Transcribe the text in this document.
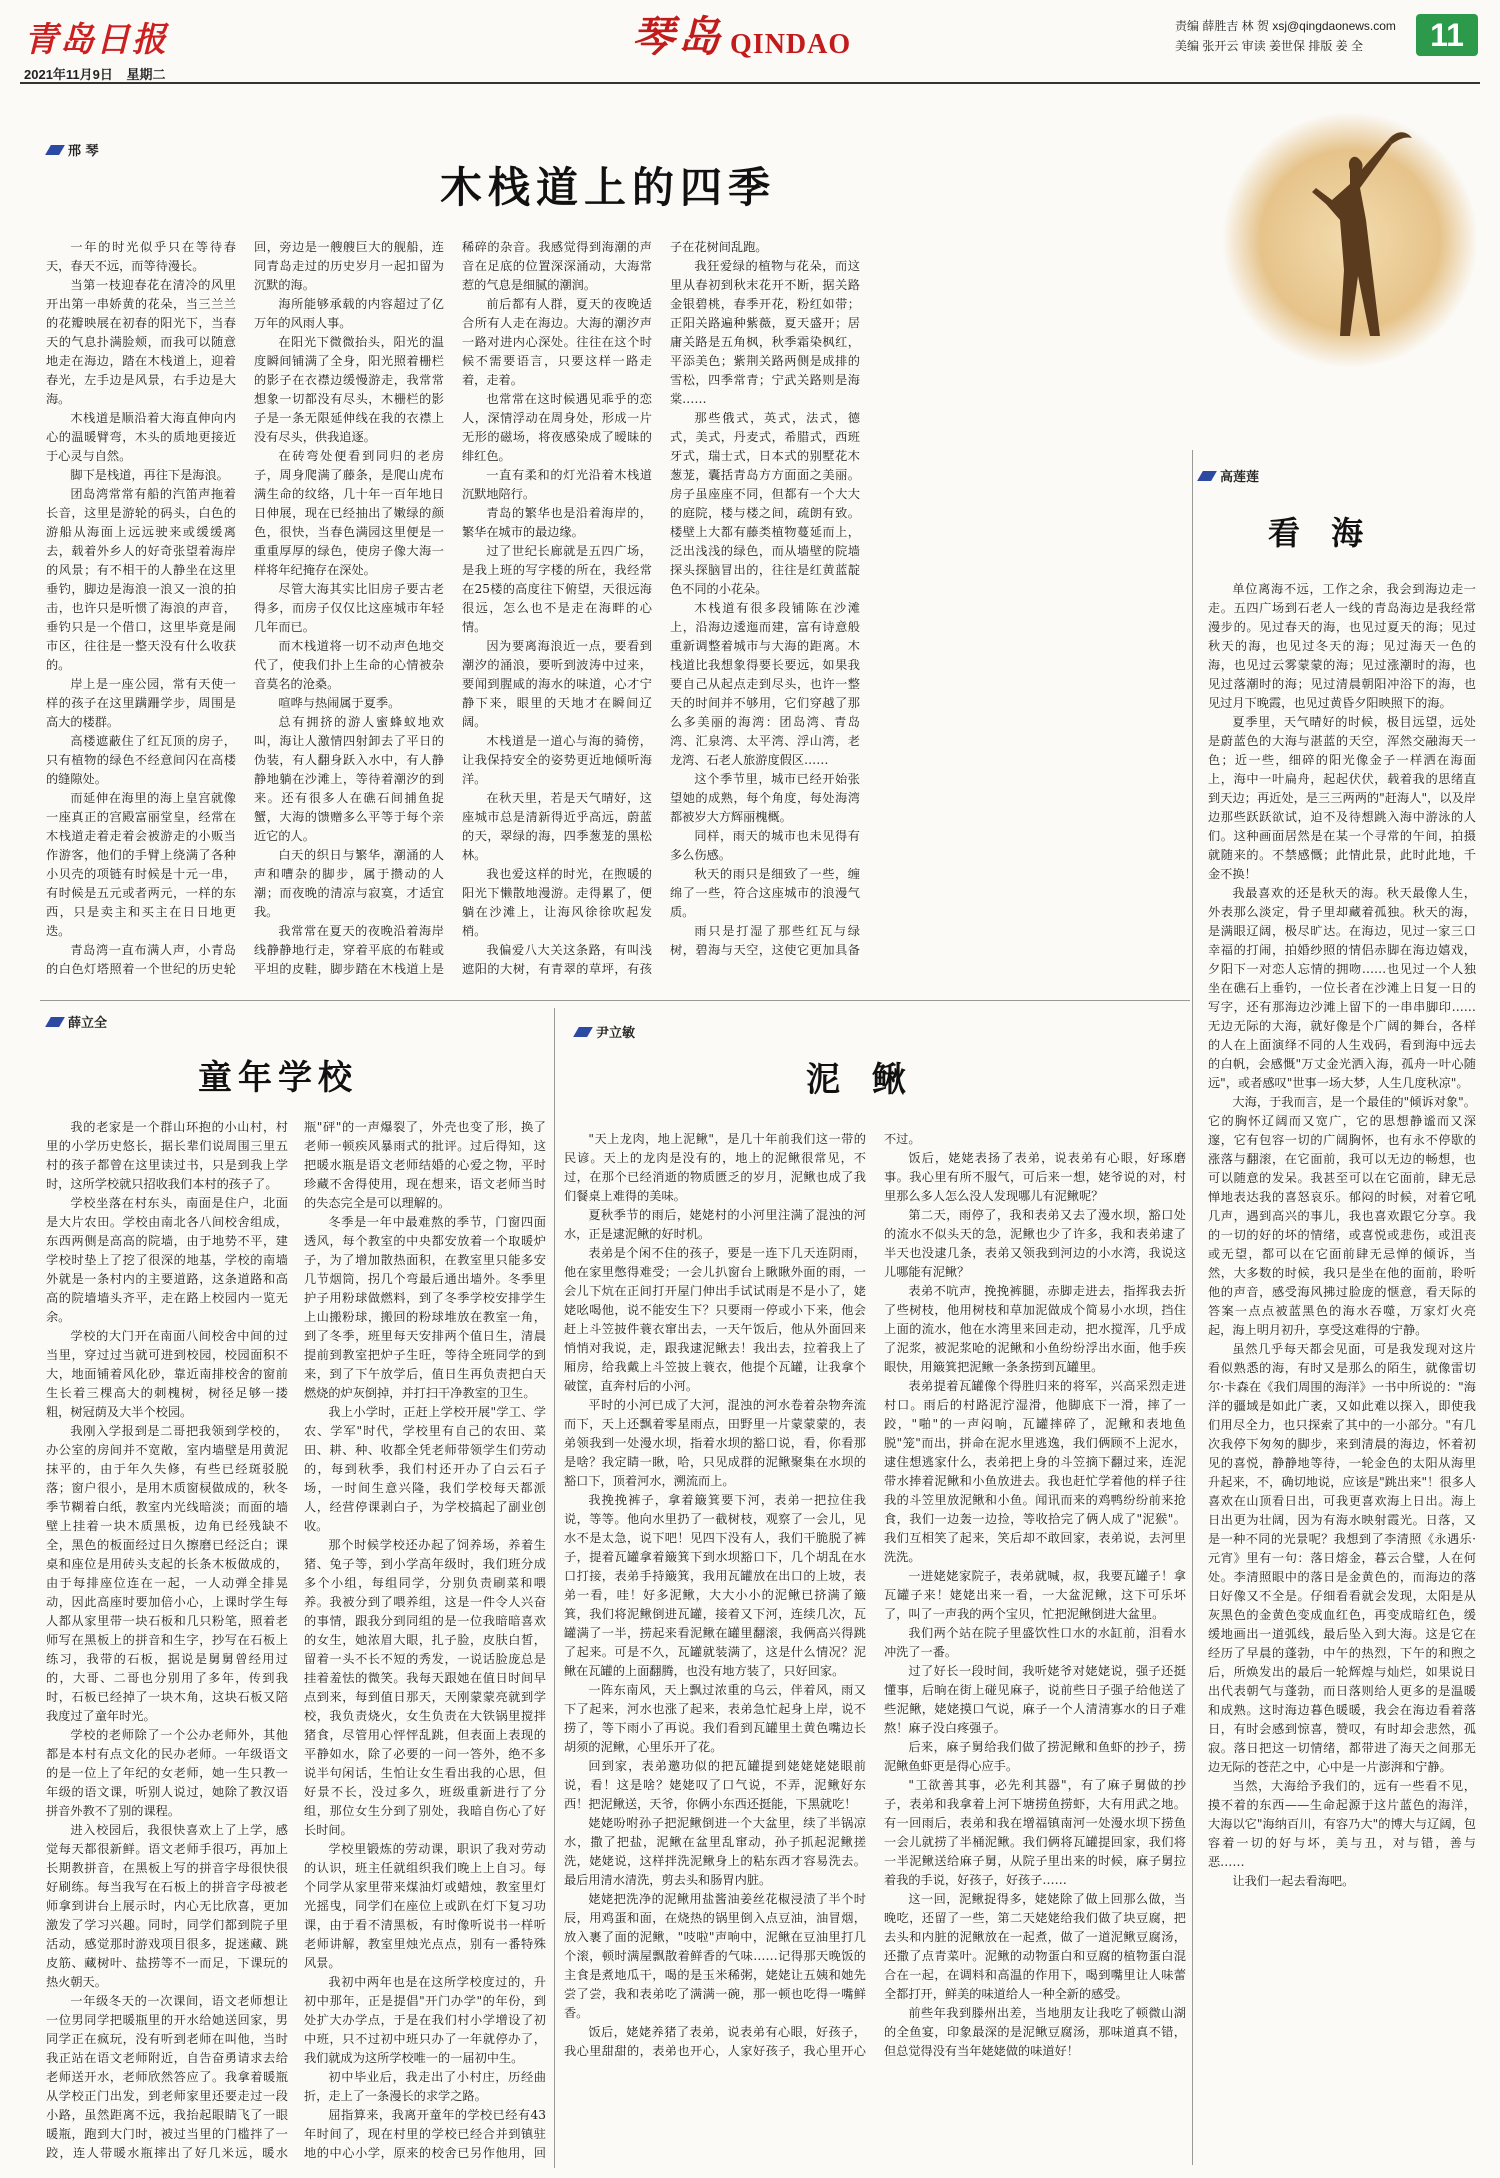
青岛日报	琴岛 QINDAO
责编 薛胜吉 林 贺 xsj@qingdaonews.com
美编 张开云 审读 姜世保 排版 姜 全	11
2021年11月9日 星期二
邢 琴
木栈道上的四季

一年的时光似乎只在等待春天，春天不远，而等待漫长。

当第一枝迎春花在清冷的风里开出第一串娇黄的花朵，当三兰兰的花瓣映展在初春的阳光下，当春天的气息扑满脸颊，而我可以随意地走在海边，踏在木栈道上，迎着春光，左手边是风景，右手边是大海。

木栈道是顺沿着大海直伸向内心的温暖臂弯，木头的质地更接近于心灵与自然。

脚下是栈道，再往下是海浪。

团岛湾常常有船的汽笛声拖着长音，这里是游轮的码头，白色的游船从海面上远远驶来或缓缓离去，载着外乡人的好奇张望着海岸的风景；有不相干的人静坐在这里垂钓，脚边是海浪一浪又一浪的拍击，也许只是听惯了海浪的声音，垂钓只是一个借口，这里毕竟是闹市区，往往是一整天没有什么收获的。

岸上是一座公园，常有天使一样的孩子在这里蹒跚学步，周围是高大的楼群。

高楼遮蔽住了红瓦顶的房子，只有植物的绿色不经意间闪在高楼的缝隙处。

而延伸在海里的海上皇宫就像一座真正的宫殿富丽堂皇，经常在木栈道走着走着会被游走的小贩当作游客，他们的手臂上绕满了各种小贝壳的项链有时候是十元一串，有时候是五元或者两元，一样的东西，只是卖主和买主在日日地更迭。

青岛湾一直布满人声，小青岛的白色灯塔照着一个世纪的历史轮回，旁边是一艘艘巨大的舰船，连同青岛走过的历史岁月一起扣留为沉默的海。

海所能够承载的内容超过了亿万年的风雨人事。

在阳光下微微抬头，阳光的温度瞬间铺满了全身，阳光照着栅栏的影子在衣襟边缓慢游走，我常常想象一切都没有尽头，木栅栏的影子是一条无限延伸线在我的衣襟上没有尽头，供我追逐。

在砖弯处便看到同归的老房子，周身爬满了藤条，是爬山虎布满生命的纹络，几十年一百年地日日伸展，现在已经抽出了嫩绿的颜色，很快，当春色满园这里便是一重重厚厚的绿色，使房子像大海一样将年纪掩存在深处。

尽管大海其实比旧房子要古老得多，而房子仅仅比这座城市年轻几年而已。

而木栈道将一切不动声色地交代了，使我们扑上生命的心情被杂音莫名的沧桑。

喧哗与热闹属于夏季。

总有拥挤的游人蜜蜂蚁地欢叫，海让人激情四射卸去了平日的伪装，有人翻身跃入水中，有人静静地躺在沙滩上，等待着潮汐的到来。还有很多人在礁石间捕鱼捉蟹，大海的馈赠多么平等于每个亲近它的人。

白天的织日与繁华，潮涌的人声和嘈杂的脚步，属于攒动的人潮；而夜晚的清凉与寂寞，才适宜我。

我常常在夏天的夜晚沿着海岸线静静地行走，穿着平底的布鞋或平坦的皮鞋，脚步踏在木栈道上是稀碎的杂音。我感觉得到海潮的声音在足底的位置深深涌动，大海常惹的气息是细腻的潮润。

前后都有人群，夏天的夜晚适合所有人走在海边。大海的潮汐声一路对进内心深处。往往在这个时候不需要语言，只要这样一路走着，走着。

也常常在这时候遇见乖乎的恋人，深情浮动在周身处，形成一片无形的磁场，将夜感染成了暧昧的绯红色。

一直有柔和的灯光沿着木栈道沉默地陪行。

青岛的繁华也是沿着海岸的，繁华在城市的最边缘。

过了世纪长廊就是五四广场，是我上班的写字楼的所在，我经常在25楼的高度往下俯望，天很远海很远，怎么也不是走在海畔的心情。

因为要离海浪近一点，要看到潮汐的涌浪，要听到波涛中过来，要闻到腥咸的海水的味道，心才宁静下来，眼里的天地才在瞬间辽阔。

木栈道是一道心与海的骑傍，让我保持安全的姿势更近地倾听海洋。

在秋天里，若是天气晴好，这座城市总是清新得近乎高远，蔚蓝的天，翠绿的海，四季葱茏的黑松林。

我也爱这样的时光，在煦暖的阳光下懒散地漫游。走得累了，便躺在沙滩上，让海风徐徐吹起发梢。

我偏爱八大关这条路，有叫浅遮阳的大树，有青翠的草坪，有孩子在花树间乱跑。

我狂爱绿的植物与花朵，而这里从春初到秋末花开不断，据关路金银碧桃，春季开花，粉红如带；正阳关路遍种紫薇，夏天盛开；居庸关路是五角枫，秋季霜染枫红，平添美色；紫荆关路两侧是成排的雪松，四季常青；宁武关路则是海棠……

那些俄式，英式，法式，德式，美式，丹麦式，希腊式，西班牙式，瑞士式，日本式的别墅花木葱茏，囊括青岛方方面面之美丽。房子虽座座不同，但都有一个大大的庭院，楼与楼之间，疏朗有致。楼壁上大都有藤类植物蔓延而上，泛出浅浅的绿色，而从墙壁的院墙探头探脑冒出的，往往是红黄蓝靛色不同的小花朵。

木栈道有很多段铺陈在沙滩上，沿海边逶迤而建，富有诗意般重新调整着城市与大海的距离。木栈道比我想象得要长要远，如果我要自己从起点走到尽头，也许一整天的时间并不够用，它们穿越了那么多美丽的海湾：团岛湾、青岛湾、汇泉湾、太平湾、浮山湾，老龙湾、石老人旅游度假区……

这个季节里，城市已经开始张望她的成熟，每个角度，每处海湾都被岁大方辉丽槐概。

同样，雨天的城市也未见得有多么伤感。

秋天的雨只是细致了一些，缠绵了一些，符合这座城市的浪漫气质。

雨只是打湿了那些红瓦与绿树，碧海与天空，这使它更加具备

高莲莲
看 海

单位离海不远，工作之余，我会到海边走一走。五四广场到石老人一线的青岛海边是我经常漫步的。见过春天的海，也见过夏天的海；见过秋天的海，也见过冬天的海；见过海天一色的海，也见过云雾蒙蒙的海；见过涨潮时的海，也见过落潮时的海；见过清晨朝阳冲浴下的海，也见过月下晚霞，也见过黄昏夕阳映照下的海。

夏季里，天气晴好的时候，极目远望，远处是蔚蓝色的大海与湛蓝的天空，浑然交融海天一色；近一些，细碎的阳光像金子一样洒在海面上，海中一叶扁舟，起起伏伏，载着我的思绪直到天边；再近处，是三三两两的"赶海人"，以及岸边那些跃跃欲试，迫不及待想跳入海中游泳的人们。这种画面居然是在某一个寻常的午间，拍摄就随来的。不禁感慨；此情此景，此时此地，千金不换！

我最喜欢的还是秋天的海。秋天最像人生，外表那么淡定，骨子里却藏着孤独。秋天的海，是满眼辽阔，极尽旷达。在海边，见过一家三口幸福的打闹，拍婚纱照的情侣赤脚在海边嬉戏，夕阳下一对恋人忘情的拥吻……也见过一个人独坐在礁石上垂钓，一位长者在沙滩上日复一日的写字，还有那海边沙滩上留下的一串串脚印……无边无际的大海，就好像是个广阔的舞台，各样的人在上面演绎不同的人生戏码，看到海中远去的白帆，会感慨"万丈金光洒入海，孤舟一叶心随远"，或者感叹"世事一场大梦，人生几度秋凉"。

大海，于我而言，是一个最佳的"倾诉对象"。它的胸怀辽阔而又宽广，它的思想静谧而又深邃，它有包容一切的广阔胸怀，也有永不停歇的涨落与翻滚，在它面前，我可以无边的畅想，也可以随意的发呆。我甚至可以在它面前，肆无忌惮地表达我的喜怒哀乐。郁闷的时候，对着它吼几声，遇到高兴的事儿，我也喜欢跟它分享。我的一切的好的坏的情绪，或喜悦或悲伤，或沮丧或无望，都可以在它面前肆无忌惮的倾诉，当然，大多数的时候，我只是坐在他的面前，聆听他的声音，感受海风拂过脸庞的惬意，看天际的答案一点点被蓝黑色的海水吞噬，万家灯火亮起，海上明月初升，享受这难得的宁静。

虽然几乎每天都会见面，可是我发现对这片看似熟悉的海，有时又是那么的陌生，就像雷切尔·卡森在《我们周围的海洋》一书中所说的："海洋的疆域是如此广袤，又如此难以探入，即使我们用尽全力，也只探索了其中的一小部分。"有几次我停下匆匆的脚步，来到清晨的海边，怀着初见的喜悦，静静地等待，一轮金色的太阳从海里升起来，不，确切地说，应该是"跳出来"！很多人喜欢在山顶看日出，可我更喜欢海上日出。海上日出更为壮阔，因为有海水映射霞光。日落，又是一种不同的光景呢？我想到了李清照《永遇乐·元宵》里有一句：落日熔金，暮云合璧，人在何处。李清照眼中的落日是金黄色的，而海边的落日好像又不全是。仔细看看就会发现，太阳是从灰黑色的金黄色变成血红色，再变成暗红色，缓缓地画出一道弧线，最后坠入到大海。这是它在经历了早晨的蓬勃，中午的热烈，下午的和煦之后，所焕发出的最后一轮辉煌与灿烂，如果说日出代表朝气与蓬勃，而日落则给人更多的是温暖和成熟。这时海边暮色暖暖，我会在海边看着落日，有时会感到惊喜，赞叹，有时却会悲然，孤寂。落日把这一切情绪，都带进了海天之间那无边无际的苍茫之中，心中是一片澎湃和宁静。

当然，大海给予我们的，远有一些看不见，摸不着的东西——生命起源于这片蓝色的海洋，大海以它"海纳百川，有容乃大"的博大与辽阔，包容着一切的好与坏，美与丑，对与错，善与恶……

让我们一起去看海吧。

薛立全
童年学校

我的老家是一个群山环抱的小山村，村里的小学历史悠长，据长辈们说周围三里五村的孩子都曾在这里读过书，只是到我上学时，这所学校就只招收我们本村的孩子了。

学校坐落在村东头，南面是住户，北面是大片农田。学校由南北各八间校舍组成，东西两侧是高高的院墙，由于地势不平，建学校时垫上了挖了很深的地基，学校的南墙外就是一条村内的主要道路，这条道路和高高的院墙墙头齐平，走在路上校园内一览无余。

学校的大门开在南面八间校舍中间的过当里，穿过过当就可进到校园，校园面积不大，地面铺着风化砂，靠近南排校舍的窗前生长着三棵高大的刺槐树，树径足够一搂粗，树冠荫及大半个校园。

我刚入学报到是二哥把我领到学校的，办公室的房间并不宽敞，室内墙壁是用黄泥抹平的，由于年久失修，有些已经斑驳脱落；窗户很小，是用木质窗棂做成的，秋冬季节糊着白纸，教室内光线暗淡；而面的墙壁上挂着一块木质黑板，边角已经残缺不全，黑色的板面经过日久擦磨已经泛白；课桌和座位是用砖头支起的长条木板做成的，由于每排座位连在一起，一人动弹全排晃动，因此高座时要加倍小心，上课时学生每人都从家里带一块石板和几只粉笔，照着老师写在黑板上的拼音和生字，抄写在石板上练习，我带的石板，据说是舅舅曾经用过的，大哥、二哥也分别用了多年，传到我时，石板已经掉了一块木角，这块石板又陪我度过了童年时光。

学校的老师除了一个公办老师外，其他都是本村有点文化的民办老师。一年级语文的是一位上了年纪的女老师，她一生只教一年级的语文课，听别人说过，她除了教汉语拼音外教不了别的课程。

进入校园后，我很快喜欢上了上学，感觉每天都很新鲜。语文老师手很巧，再加上长期教拼音，在黑板上写的拼音字母很快很好刷练。每当我写在石板上的拼音字母被老师拿到讲台上展示时，内心无比欣喜，更加激发了学习兴趣。同时，同学们都到院子里活动，感觉那时游戏项目很多，捉迷藏、跳皮筋、藏树叶、盐捞等不一而足，下课玩的热火朝天。

一年级冬天的一次课间，语文老师想让一位男同学把暖瓶里的开水给她送回家，男同学正在疯玩，没有听到老师在叫他，当时我正站在语文老师附近，自告奋勇请求去给老师送开水，老师欣然答应了。我拿着暖瓶从学校正门出发，到老师家里还要走过一段小路，虽然距离不远，我抬起眼睛飞了一眼暖瓶，跑到大门时，被过当里的门槛拌了一跤，连人带暖水瓶摔出了好几米远，暖水瓶"砰"的一声爆裂了，外壳也变了形，换了老师一顿疾风暴雨式的批评。过后得知，这把暖水瓶是语文老师结婚的心爱之物，平时珍藏不舍得使用，现在想来，语文老师当时的失态完全是可以理解的。

冬季是一年中最难熬的季节，门窗四面透风，每个教室的中央都安放着一个取暖炉子，为了增加散热面积，在教室里只能多安几节烟筒，拐几个弯最后通出墙外。冬季里护子用粉球做燃料，到了冬季学校安排学生上山搬粉球，搬回的粉球堆放在教室一角，到了冬季，班里每天安排两个值日生，清晨提前到教室把炉子生旺，等待全班同学的到来，到了下午放学后，值日生再负责把白天燃烧的炉灰倒掉，并打扫干净教室的卫生。

我上小学时，正赶上学校开展"学工、学农、学军"时代，学校里有自己的农田、菜田、耕、种、收都全凭老师带领学生们劳动的，每到秋季，我们村还开办了白云石子场，一时间生意兴隆，我们学校每天都派人，经营停课剥白子，为学校搞起了副业创收。

那个时候学校还办起了饲养场，养着生猪、兔子等，到小学高年级时，我们班分成多个小组，每组同学，分别负责刷菜和喂养。我被分到了喂养组，这是一件令人兴奋的事情，跟我分到同组的是一位我暗暗喜欢的女生，她浓眉大眼，扎子脸，皮肤白皙，留着一头不长不短的秀发，一说话脸庞总是挂着羞怯的微笑。我每天跟她在值日时间早点到来，每到值日那天，天刚蒙蒙亮就到学校，我负责烧火，女生负责在大铁锅里搅拌猪食，尽管用心怦怦乱跳，但表面上表现的平静如水，除了必要的一问一答外，绝不多说半句闲话，生怕让女生看出我的心思，但好景不长，没过多久，班级重新进行了分组，那位女生分到了别处，我暗自伤心了好长时间。

学校里锻炼的劳动课，职识了我对劳动的认识，班主任就组织我们晚上上自习。每个同学从家里带来煤油灯或蜡烛，教室里灯光摇曳，同学们在座位上或趴在灯下复习功课，由于看不清黑板，有时像听说书一样听老师讲解，教室里烛光点点，别有一番特殊风景。

我初中两年也是在这所学校度过的，升初中那年，正是提倡"开门办学"的年份，到处扩大办学点，于是在我们村小学增设了初中班，只不过初中班只办了一年就停办了，我们就成为这所学校唯一的一届初中生。

初中毕业后，我走出了小村庄，历经曲折，走上了一条漫长的求学之路。

屈指算来，我离开童年的学校已经有43年时间了，现在村里的学校已经合并到镇驻地的中心小学，原来的校舍已另作他用，回

尹立敏
泥 鳅

"天上龙肉，地上泥鳅"，是几十年前我们这一带的民谚。天上的龙肉是没有的，地上的泥鳅很常见，不过，在那个已经消逝的物质匮乏的岁月，泥鳅也成了我们餐桌上难得的美味。

夏秋季节的雨后，姥姥村的小河里注满了混浊的河水，正是逮泥鳅的好时机。

表弟是个闲不住的孩子，要是一连下几天连阴雨，他在家里憋得难受；一会儿扒窗台上瞅瞅外面的雨，一会儿下炕在正间打开屋门伸出手试试雨是不是小了，姥姥吆喝他，说不能安生下？只要雨一停或小下来，他会赶上斗笠披件蓑衣窜出去，一天午饭后，他从外面回来悄悄对我说，走，跟我逮泥鳅去！我出去，拉着我上了厢房，给我戴上斗笠披上蓑衣，他提个瓦罐，让我拿个破筐，直奔村后的小河。

平时的小河已成了大河，混浊的河水卷着杂物奔流而下，天上还飘着零星雨点，田野里一片蒙蒙蒙的，表弟领我到一处漫水坝，指着水坝的豁口说，看，你看那是啥？我定睛一瞅，哈，只见成群的泥鳅聚集在水坝的豁口下，顶着河水，溯流而上。

我挽挽裤子，拿着簸箕要下河，表弟一把拉住我说，等等。他向水里扔了一截树枝，观察了一会儿，见水不是太急，说下吧！见四下没有人，我们干脆脱了裤子，提着瓦罐拿着簸箕下到水坝豁口下，几个胡乱在水口打接，表弟手持簸箕，我用瓦罐放在出口的上坡，表弟一看，哇！好多泥鳅，大大小小的泥鳅已挤满了簸箕，我们将泥鳅倒进瓦罐，接着又下河，连续几次，瓦罐满了一半，捞起来看泥鳅在罐里翻滚，我俩高兴得跳了起来。可是不久，瓦罐就装满了，这是什么情况？泥鳅在瓦罐的上面翻腾，也没有地方装了，只好回家。

一阵东南风，天上飘过浓重的乌云，伴着风，雨又下了起来，河水也涨了起来，表弟急忙起身上岸，说不捞了，等下雨小了再说。我们看到瓦罐里土黄色嘴边长胡须的泥鳅，心里乐开了花。

回到家，表弟邀功似的把瓦罐提到姥姥姥姥眼前说，看！这是啥？姥姥叹了口气说，不弄，泥鳅好东西！把泥鳅送，天爷，你俩小东西还挺能，下黑就吃！

姥姥吩咐孙子把泥鳅倒进一个大盆里，续了半锅凉水，撒了把盐，泥鳅在盆里乱窜动，孙子抓起泥鳅搓洗，姥姥说，这样拌洗泥鳅身上的粘东西才容易洗去。最后用清水清洗，剪去头和肠胃内脏。

姥姥把洗净的泥鳅用盐酱油姜丝花椒浸渍了半个时辰，用鸡蛋和面，在烧热的锅里倒入点豆油，油冒烟，放入裹了面的泥鳅，"吱啦"声响中，泥鳅在豆油里打几个滚，顿时满屋飘散着鲜香的气味……记得那天晚饭的主食是煮地瓜干，喝的是玉米稀粥，姥姥让五姨和她先尝了尝，我和表弟吃了满满一碗，那一顿也吃得一嘴鲜香。

饭后，姥姥养猪了表弟，说表弟有心眼，好孩子，我心里甜甜的，表弟也开心，人家好孩子，我心里开心不过。

饭后，姥姥表扬了表弟，说表弟有心眼，好琢磨事。我心里有所不服气，可后来一想，姥爷说的对，村里那么多人怎么没人发现哪儿有泥鳅呢？

第二天，雨停了，我和表弟又去了漫水坝，豁口处的流水不似头天的急，泥鳅也少了许多，我和表弟逮了半天也没逮几条，表弟又领我到河边的小水湾，我说这儿哪能有泥鳅？

表弟不吭声，挽挽裤腿，赤脚走进去，指挥我去折了些树枝，他用树枝和草加泥做成个简易小水坝，挡住上面的流水，他在水湾里来回走动，把水搅浑，几乎成了泥浆，被泥浆呛的泥鳅和小鱼纷纷浮出水面，他手疾眼快，用簸箕把泥鳅一条条捞到瓦罐里。

表弟提着瓦罐像个得胜归来的将军，兴高采烈走进村口。雨后的村路泥泞湿滑，他脚底下一滑，摔了一跤，"啪"的一声闷响，瓦罐摔碎了，泥鳅和表地鱼脱"笼"而出，拼命在泥水里逃逸，我们俩顾不上泥水，逮住想逃家什么，表弟把上身的斗笠摘下翻过来，连泥带水捧着泥鳅和小鱼放进去。我也赶忙学着他的样子往我的斗笠里放泥鳅和小鱼。闻讯而来的鸡鸭纷纷前来抢食，我们一边轰一边捡，等收拾完了俩人成了"泥猴"。我们互相笑了起来，笑后却不敢回家，表弟说，去河里洗洗。

一进姥姥家院子，表弟就喊，叔，我要瓦罐子！拿瓦罐子来！姥姥出来一看，一大盆泥鳅，这下可乐坏了，叫了一声我的两个宝贝，忙把泥鳅倒进大盆里。

我们两个站在院子里盛饮性口水的水缸前，泪看水冲洗了一番。

过了好长一段时间，我听姥爷对姥姥说，强子还挺懂事，后晌在街上碰见麻子，说前些日子强子给他送了些泥鳅，姥姥摸口气说，麻子一个人清清寡水的日子难熬！麻子没白疼强子。

后来，麻子舅给我们做了捞泥鳅和鱼虾的抄子，捞泥鳅鱼虾更是得心应手。

"工欲善其事，必先利其器"，有了麻子舅做的抄子，表弟和我拿着上河下塘捞鱼捞虾，大有用武之地。有一回雨后，表弟和我在增福镇南河一处漫水坝下捞鱼一会儿就捞了半桶泥鳅。我们俩将瓦罐提回家，我们将一半泥鳅送给麻子舅，从院子里出来的时候，麻子舅拉着我的手说，好孩子，好孩子……

这一回，泥鳅捉得多，姥姥除了做上回那么做，当晚吃，还留了一些，第二天姥姥给我们做了块豆腐，把去头和内脏的泥鳅放在一起煮，做了一道泥鳅豆腐汤，还撒了点青菜叶。泥鳅的动物蛋白和豆腐的植物蛋白混合在一起，在调料和高温的作用下，喝到嘴里让人味蕾全都打开，鲜美的味道给人一种全新的感受。

前些年我到滕州出差，当地朋友让我吃了顿微山湖的全鱼宴，印象最深的是泥鳅豆腐汤，那味道真不错，但总觉得没有当年姥姥做的味道好！
